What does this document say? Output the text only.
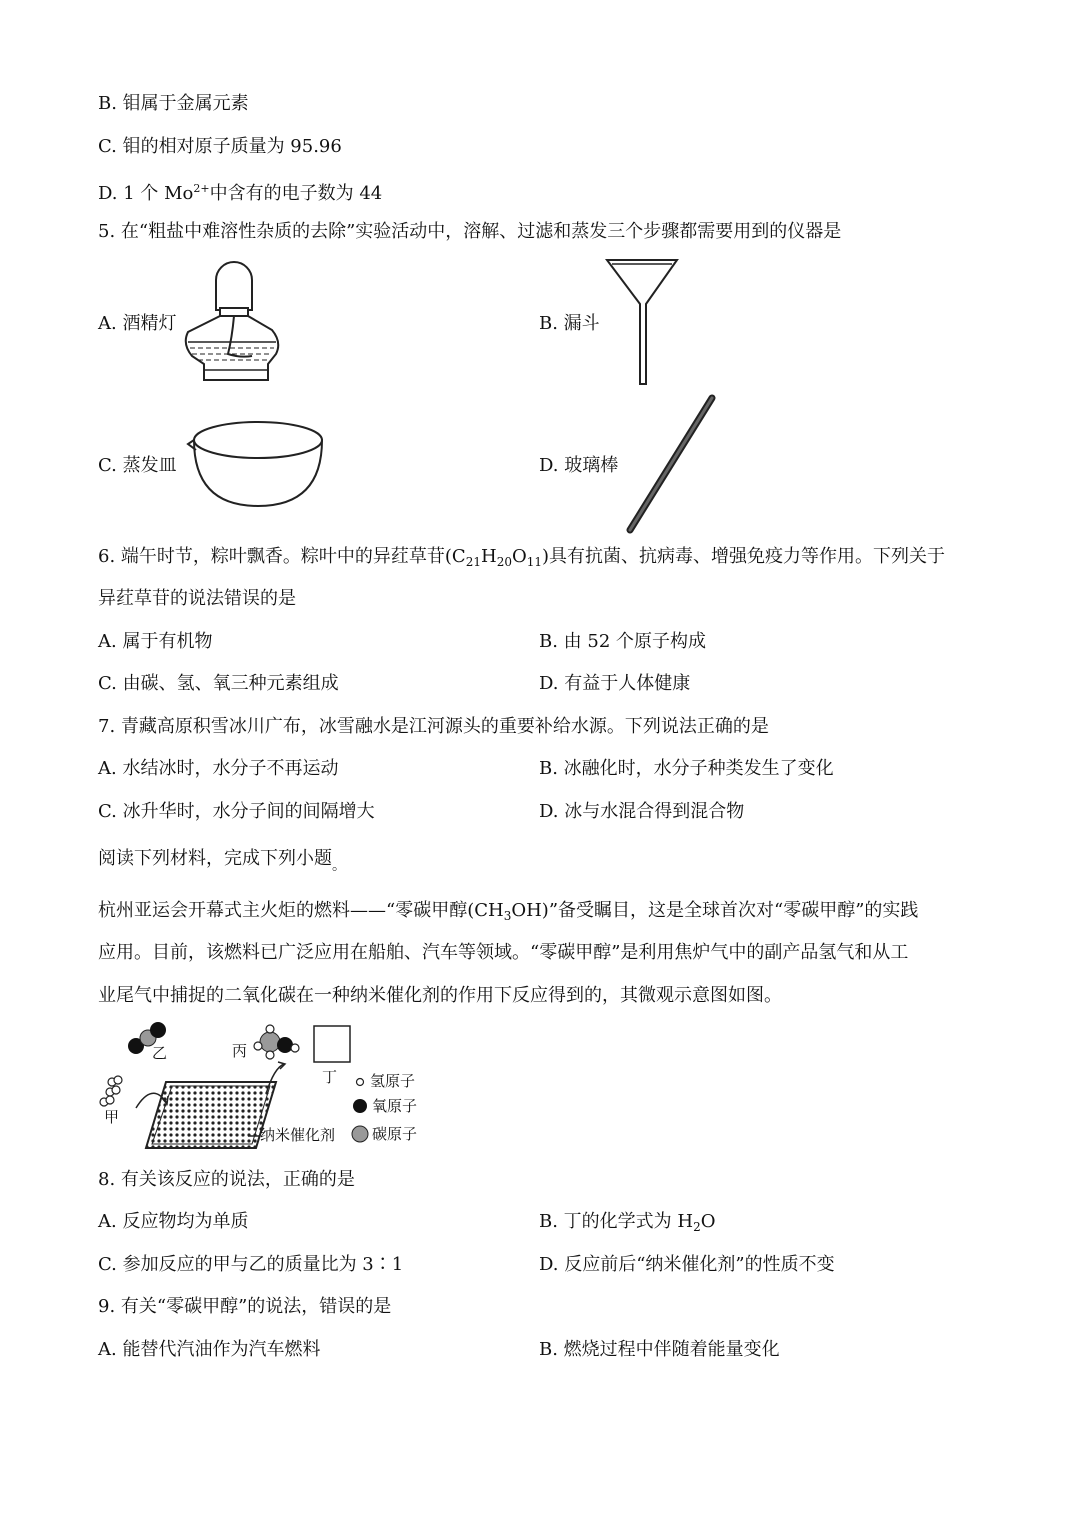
B. 钼属于金属元素
C. 钼的相对原子质量为 95.96
D. 1 个 $Mo^{2+}$中含有的电子数为 44
5. 在“粗盐中难溶性杂质的去除”实验活动中，溶解、过滤和蒸发三个步骤都需要用到的仪器是
A. 酒精灯	B. 漏斗
C. 蒸发皿	D. 玻璃棒
6. 端午时节，粽叶飘香。粽叶中的异荭草苷$(C_{21}H_{20}O_{11})$具有抗菌、抗病毒、增强免疫力等作用。下列关于
异荭草苷的说法错误的是
A. 属于有机物	B. 由 52 个原子构成
C. 由碳、氢、氧三种元素组成	D. 有益于人体健康
7. 青藏高原积雪冰川广布，冰雪融水是江河源头的重要补给水源。下列说法正确的是
A. 水结冰时，水分子不再运动	B. 冰融化时，水分子种类发生了变化
C. 冰升华时，水分子间的间隔增大	D. 冰与水混合得到混合物
阅读下列材料，完成下列小题$_。$
杭州亚运会开幕式主火炬的燃料——“零碳甲醇$(CH_3OH)$”备受瞩目，这是全球首次对“零碳甲醇”的实践
应用。目前，该燃料已广泛应用在船舶、汽车等领域。“零碳甲醇”是利用焦炉气中的副产品氢气和从工
业尾气中捕捉的二氧化碳在一种纳米催化剂的作用下反应得到的，其微观示意图如图。
乙
甲
丙
丁
纳米催化剂
氢原子
氧原子
碳原子
8. 有关该反应的说法，正确的是
A. 反应物均为单质	B. 丁的化学式为 $H_2O$
C. 参加反应的甲与乙的质量比为 3∶1	D. 反应前后“纳米催化剂”的性质不变
9. 有关“零碳甲醇”的说法，错误的是
A. 能替代汽油作为汽车燃料	B. 燃烧过程中伴随着能量变化
